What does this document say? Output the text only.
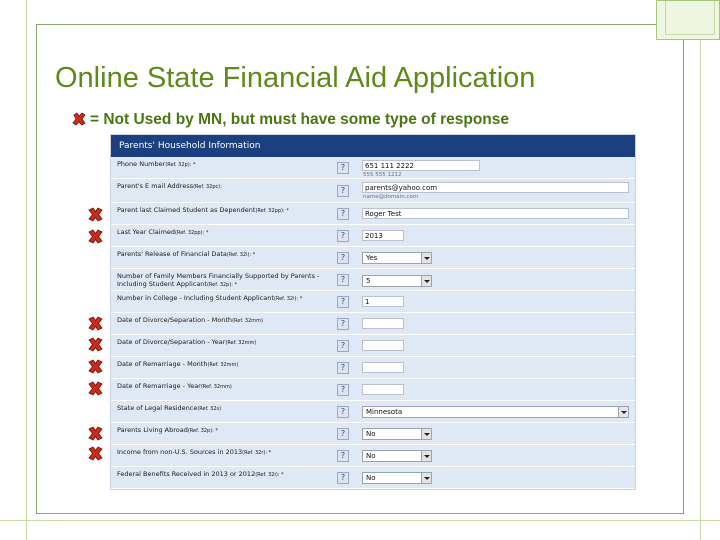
Online State Financial Aid Application
= Not Used by MN, but must have some type of response
Parents' Household Information
Phone Number(Ref. 32p): *	?	651 111 2222
555 555 1212
Parent's E mail Address(Ref. 32pc):	?	parents@yahoo.com
name@domain.com
Parent last Claimed Student as Dependent(Ref. 32pp): *	?	Roger Test
Last Year Claimed(Ref. 32pp): *	?	2013
Parents' Release of Financial Data(Ref. 32i): *	?	Yes
Number of Family Members Financially Supported by Parents - Including Student Applicant(Ref. 32p): *
?	5
Number in College - Including Student Applicant(Ref. 32i): *	?	1
Date of Divorce/Separation - Month(Ref. 32mm)	?
Date of Divorce/Separation - Year(Ref. 32mm)	?
Date of Remarriage - Month(Ref. 32mm)	?
Date of Remarriage - Year(Ref. 32mm)	?
State of Legal Residence(Ref. 32s)	?	Minnesota
Parents Living Abroad(Ref. 32p): *	?	No
Income from non-U.S. Sources in 2013(Ref. 32r): *	?	No
Federal Benefits Received in 2013 or 2012(Ref. 32i): *	?	No
